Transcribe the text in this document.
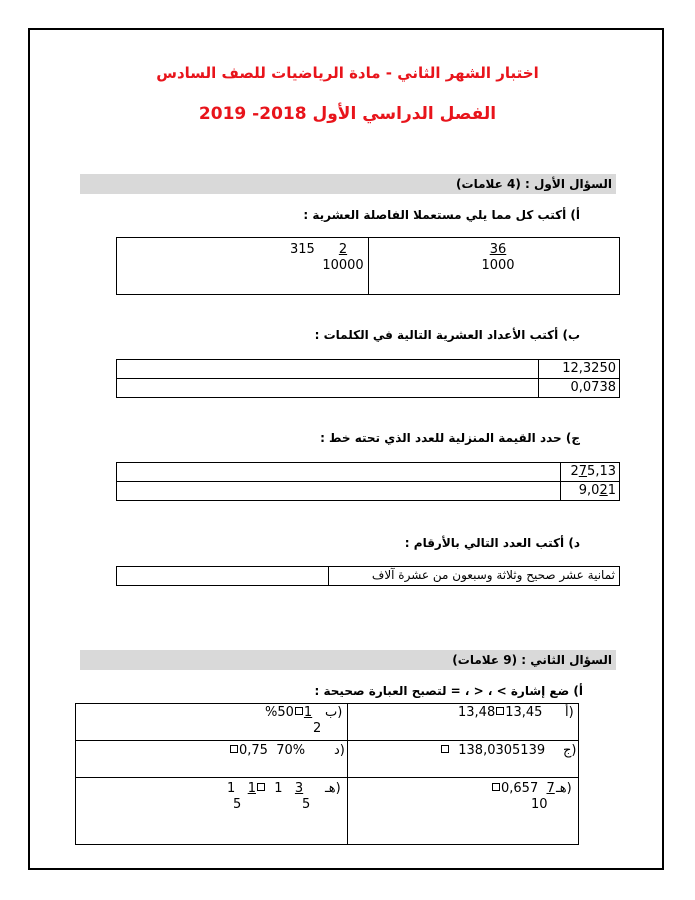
اختبار الشهر الثاني - مادة الرياضيات للصف السادس
الفصل الدراسي الأول 2018- 2019
السؤال الأول : (4 علامات)
أ) أكتب كل مما يلي مستعملا الفاصلة العشرية :
$\frac{36}{1000}$
315	2
10000
ب) أكتب الأعداد العشرية التالية في الكلمات :
12,3250
0,0738
ج) حدد القيمة المنزلية للعدد الذي تحته خط :
275,13
9,021
د) أكتب العدد التالي بالأرقام :
ثمانية عشر صحيح وثلاثة وسبعون من عشرة آلاف
السؤال الثاني : (9 علامات)
أ) ضع إشارة > ، < ، = لتصبح العبارة صحيحة :
أ)
13,48 13,45
ب)
%50 1
2
ج)
138,0305139
د)
0,75 70%
هـ)
0,657 7
10
هـ)
1 1 1 3
5	5
